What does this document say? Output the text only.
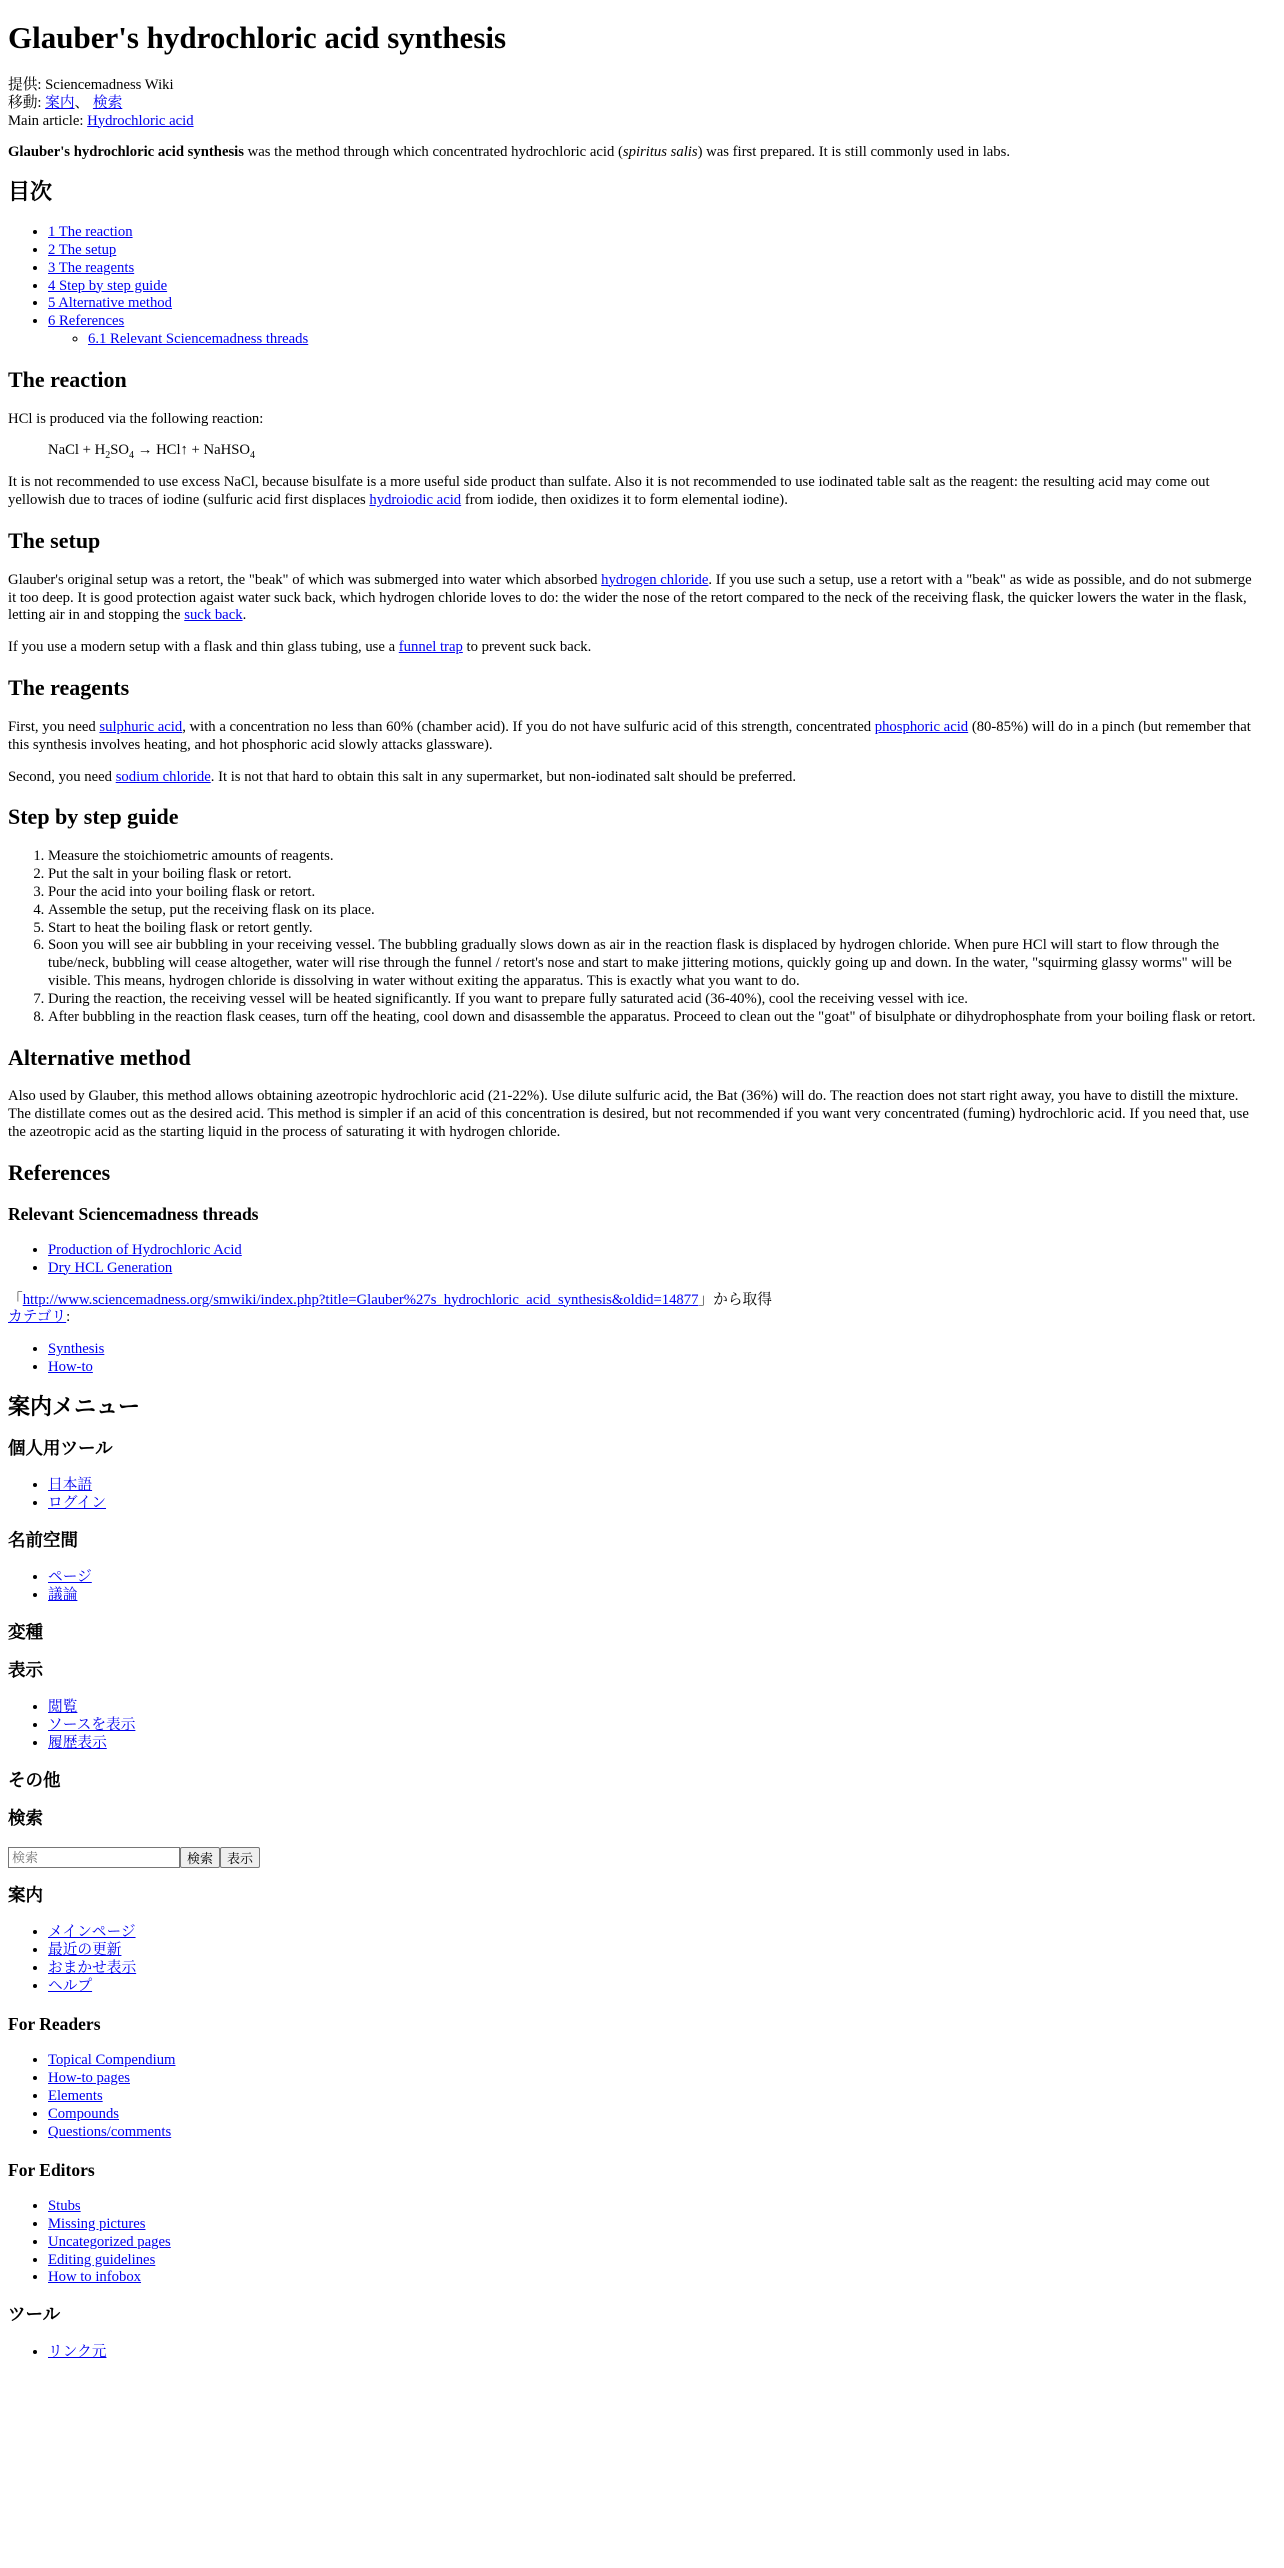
Glauber's hydrochloric acid synthesis
提供: Sciencemadness Wiki
移動: 案内、 検索
Main article: Hydrochloric acid

Glauber's hydrochloric acid synthesis was the method through which concentrated hydrochloric acid (spiritus salis) was first prepared. It is still commonly used in labs.

目次
• 1 The reaction
• 2 The setup
• 3 The reagents
• 4 Step by step guide
• 5 Alternative method
• 6 References
◦ 6.1 Relevant Sciencemadness threads
The reaction

HCl is produced via the following reaction:

NaCl + $H_2SO_4$ → HCl↑ + NaHSO$_4$

It is not recommended to use excess NaCl, because bisulfate is a more useful side product than sulfate. Also it is not recommended to use iodinated table salt as the reagent: the resulting acid may come out yellowish due to traces of iodine (sulfuric acid first displaces hydroiodic acid from iodide, then oxidizes it to form elemental iodine).

The setup

Glauber's original setup was a retort, the "beak" of which was submerged into water which absorbed hydrogen chloride. If you use such a setup, use a retort with a "beak" as wide as possible, and do not submerge it too deep. It is good protection agaist water suck back, which hydrogen chloride loves to do: the wider the nose of the retort compared to the neck of the receiving flask, the quicker lowers the water in the flask, letting air in and stopping the suck back.

If you use a modern setup with a flask and thin glass tubing, use a funnel trap to prevent suck back.

The reagents

First, you need sulphuric acid, with a concentration no less than 60% (chamber acid). If you do not have sulfuric acid of this strength, concentrated phosphoric acid (80-85%) will do in a pinch (but remember that this synthesis involves heating, and hot phosphoric acid slowly attacks glassware).

Second, you need sodium chloride. It is not that hard to obtain this salt in any supermarket, but non-iodinated salt should be preferred.

Step by step guide
1. Measure the stoichiometric amounts of reagents.
2. Put the salt in your boiling flask or retort.
3. Pour the acid into your boiling flask or retort.
4. Assemble the setup, put the receiving flask on its place.
5. Start to heat the boiling flask or retort gently.
6. Soon you will see air bubbling in your receiving vessel. The bubbling gradually slows down as air in the reaction flask is displaced by hydrogen chloride. When pure HCl will start to flow through the tube/neck, bubbling will cease altogether, water will rise through the funnel / retort's nose and start to make jittering motions, quickly going up and down. In the water, "squirming glassy worms" will be visible. This means, hydrogen chloride is dissolving in water without exiting the apparatus. This is exactly what you want to do.
7. During the reaction, the receiving vessel will be heated significantly. If you want to prepare fully saturated acid (36-40%), cool the receiving vessel with ice.
8. After bubbling in the reaction flask ceases, turn off the heating, cool down and disassemble the apparatus. Proceed to clean out the "goat" of bisulphate or dihydrophosphate from your boiling flask or retort.
Alternative method

Also used by Glauber, this method allows obtaining azeotropic hydrochloric acid (21-22%). Use dilute sulfuric acid, the Bat (36%) will do. The reaction does not start right away, you have to distill the mixture. The distillate comes out as the desired acid. This method is simpler if an acid of this concentration is desired, but not recommended if you want very concentrated (fuming) hydrochloric acid. If you need that, use the azeotropic acid as the starting liquid in the process of saturating it with hydrogen chloride.

References
Relevant Sciencemadness threads
• Production of Hydrochloric Acid
• Dry HCL Generation
「http://www.sciencemadness.org/smwiki/index.php?title=Glauber%27s_hydrochloric_acid_synthesis&oldid=14877」から取得
カテゴリ:
• Synthesis
• How-to
案内メニュー
個人用ツール
• 日本語
• ログイン
名前空間
• ページ
• 議論
変種
表示
• 閲覧
• ソースを表示
• 履歴表示
その他
検索
検索
検索	表示
案内
• メインページ
• 最近の更新
• おまかせ表示
• ヘルプ
For Readers
• Topical Compendium
• How-to pages
• Elements
• Compounds
• Questions/comments
For Editors
• Stubs
• Missing pictures
• Uncategorized pages
• Editing guidelines
• How to infobox
ツール
• リンク元
